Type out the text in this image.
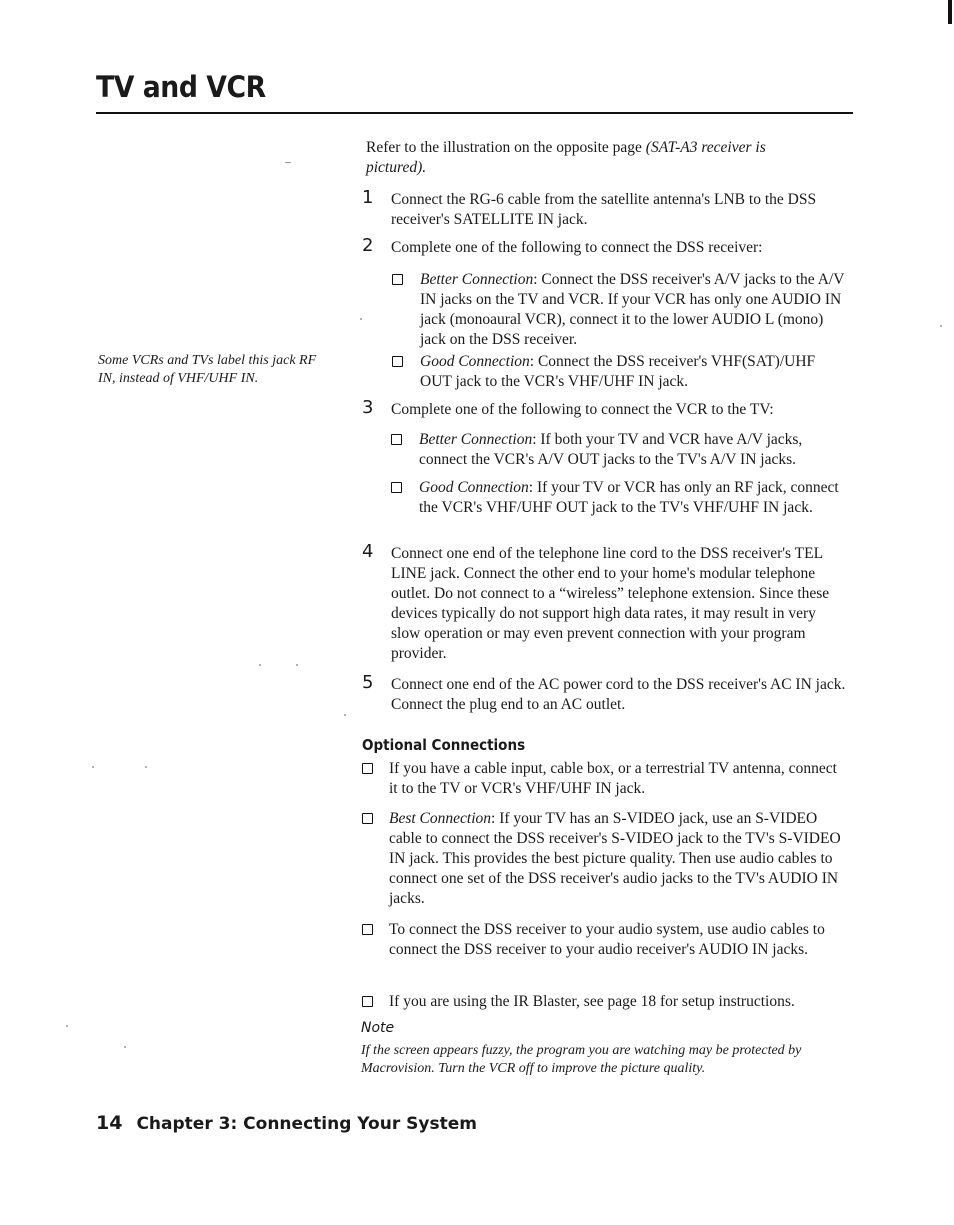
TV and VCR
Some VCRs and TVs label this jack RF IN, instead of VHF/UHF IN.
Refer to the illustration on the opposite page (SAT-A3 receiver is pictured).
1 Connect the RG-6 cable from the satellite antenna's LNB to the DSS receiver's SATELLITE IN jack.
2 Complete one of the following to connect the DSS receiver:
Better Connection: Connect the DSS receiver's A/V jacks to the A/V IN jacks on the TV and VCR. If your VCR has only one AUDIO IN jack (monoaural VCR), connect it to the lower AUDIO L (mono) jack on the DSS receiver.
Good Connection: Connect the DSS receiver's VHF(SAT)/UHF OUT jack to the VCR's VHF/UHF IN jack.
3 Complete one of the following to connect the VCR to the TV:
Better Connection: If both your TV and VCR have A/V jacks, connect the VCR's A/V OUT jacks to the TV's A/V IN jacks.
Good Connection: If your TV or VCR has only an RF jack, connect the VCR's VHF/UHF OUT jack to the TV's VHF/UHF IN jack.
4 Connect one end of the telephone line cord to the DSS receiver's TEL LINE jack. Connect the other end to your home's modular telephone outlet. Do not connect to a “wireless” telephone extension. Since these devices typically do not support high data rates, it may result in very slow operation or may even prevent connection with your program provider.
5 Connect one end of the AC power cord to the DSS receiver's AC IN jack. Connect the plug end to an AC outlet.
Optional Connections
If you have a cable input, cable box, or a terrestrial TV antenna, connect it to the TV or VCR's VHF/UHF IN jack.
Best Connection: If your TV has an S-VIDEO jack, use an S-VIDEO cable to connect the DSS receiver's S-VIDEO jack to the TV's S-VIDEO IN jack. This provides the best picture quality. Then use audio cables to connect one set of the DSS receiver's audio jacks to the TV's AUDIO IN jacks.
To connect the DSS receiver to your audio system, use audio cables to connect the DSS receiver to your audio receiver's AUDIO IN jacks.
If you are using the IR Blaster, see page 18 for setup instructions.
Note
If the screen appears fuzzy, the program you are watching may be protected by Macrovision. Turn the VCR off to improve the picture quality.
14 Chapter 3: Connecting Your System
